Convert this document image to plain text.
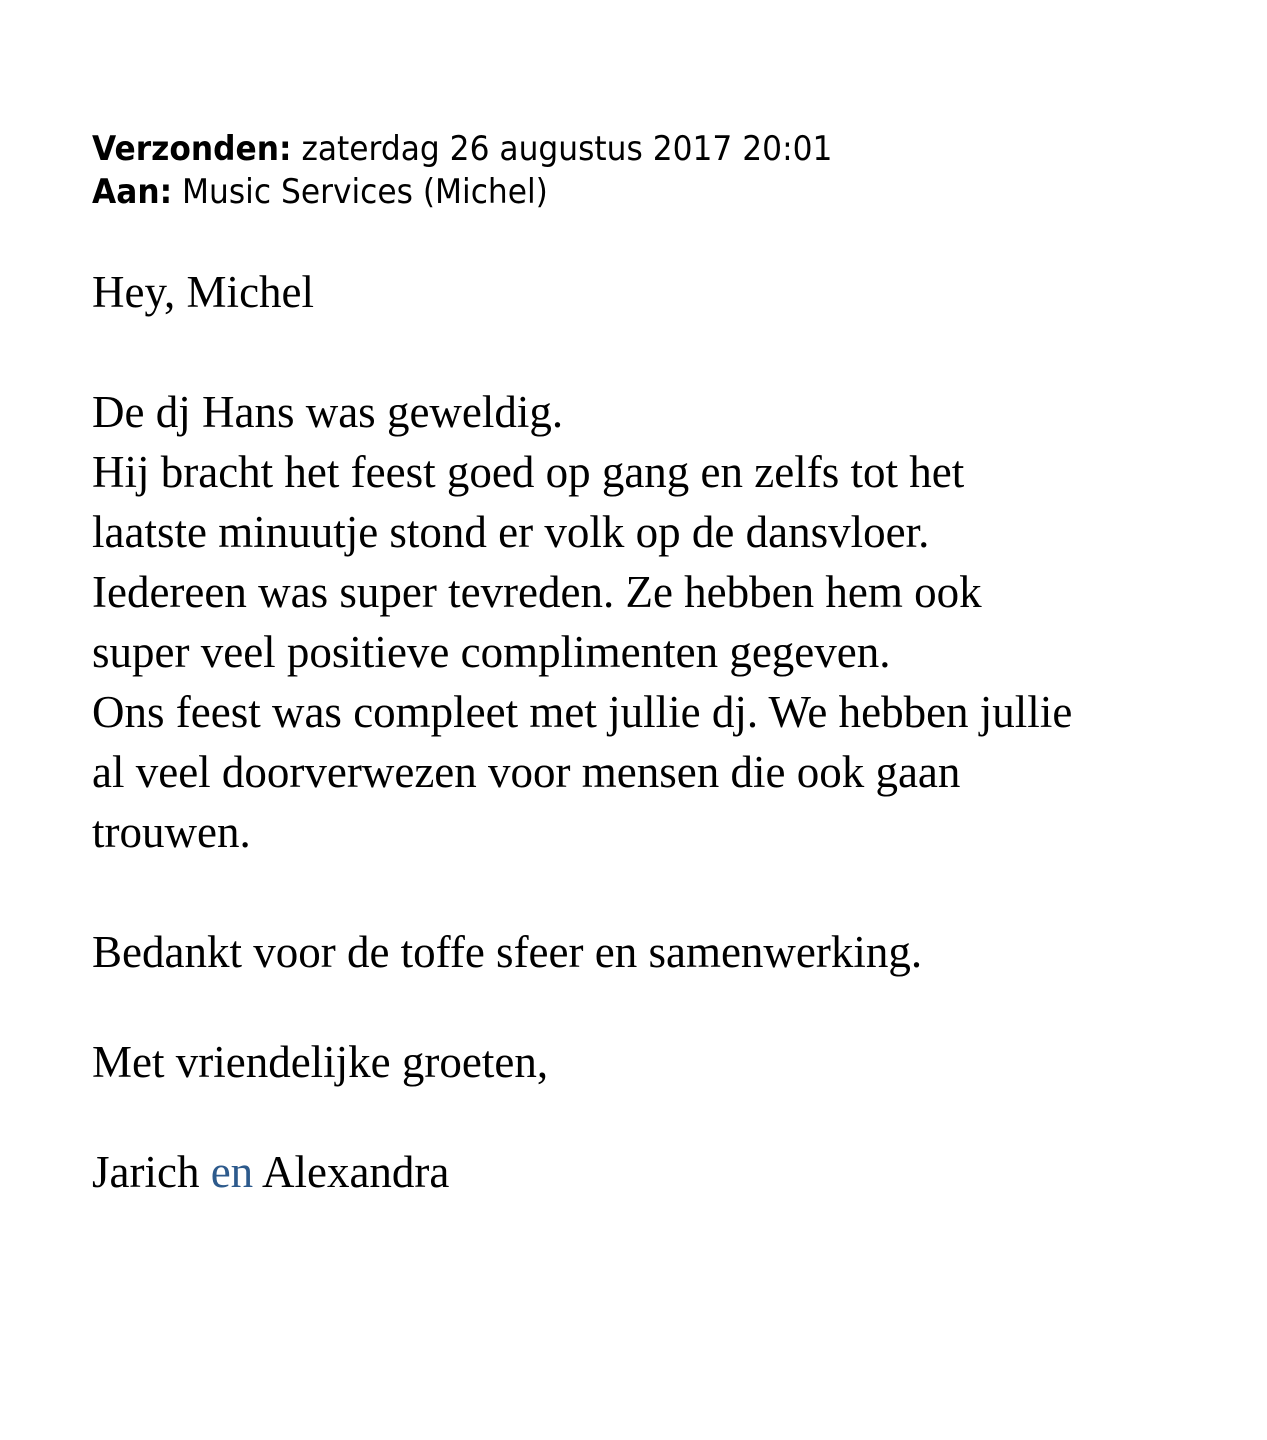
Verzonden: zaterdag 26 augustus 2017 20:01
Aan: Music Services (Michel)
Hey, Michel

De dj Hans was geweldig.

Hij bracht het feest goed op gang en zelfs tot het

laatste minuutje stond er volk op de dansvloer.

Iedereen was super tevreden. Ze hebben hem ook

super veel positieve complimenten gegeven.

Ons feest was compleet met jullie dj. We hebben jullie

al veel doorverwezen voor mensen die ook gaan

trouwen.

Bedankt voor de toffe sfeer en samenwerking.
Met vriendelijke groeten,
Jarich en Alexandra
